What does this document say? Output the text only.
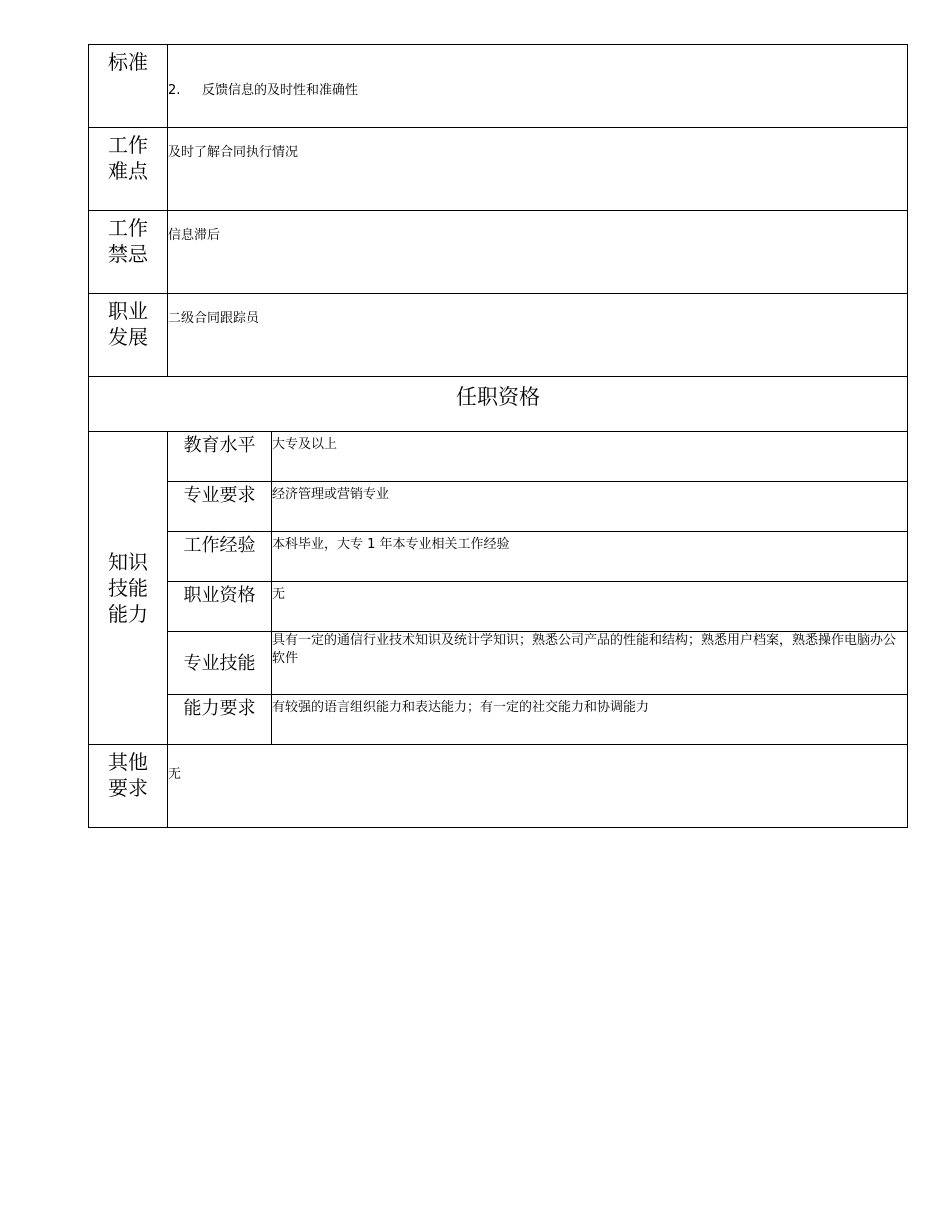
标准	2. 反馈信息的及时性和准确性	

工作
难点	及时了解合同执行情况	

工作
禁忌	信息滞后	

职业
发展	二级合同跟踪员	
任职资格		

知识
技能
能力	教育水平	大专及以上
	专业要求	经济管理或营销专业
	工作经验	本科毕业，大专 1 年本专业相关工作经验
	职业资格	无
	专业技能	具有一定的通信行业技术知识及统计学知识；熟悉公司产品的性能和结构；熟悉用户档案，熟悉操作电脑办公软件
	能力要求	有较强的语言组织能力和表达能力；有一定的社交能力和协调能力

其他
要求	无	
